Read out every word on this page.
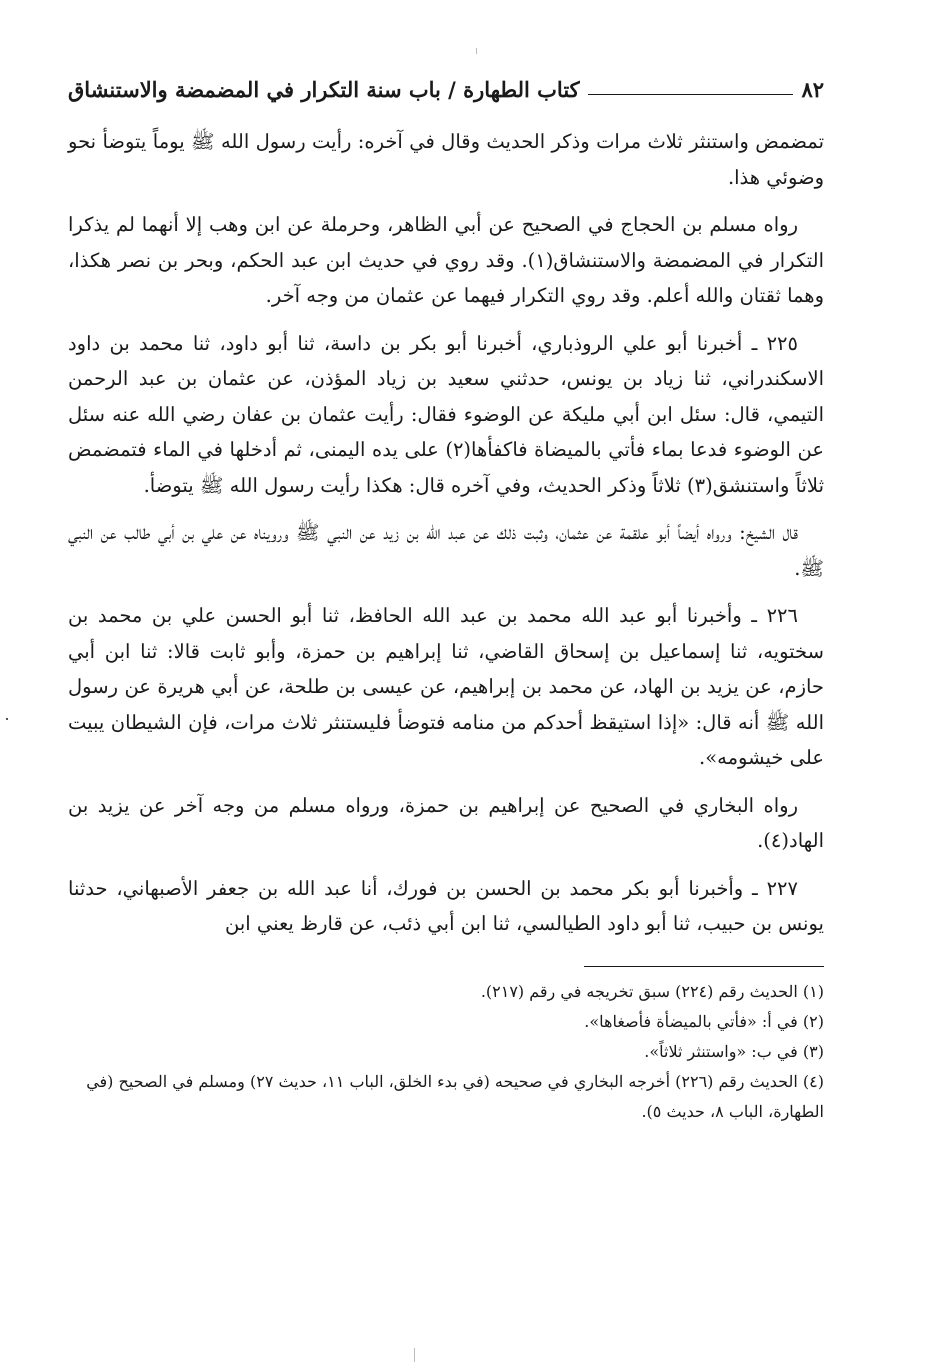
٨٢
كتاب الطهارة / باب سنة التكرار في المضمضة والاستنشاق

تمضمض واستنثر ثلاث مرات وذكر الحديث وقال في آخره: رأيت رسول الله ﷺ يوماً يتوضأ نحو وضوئي هذا.

رواه مسلم بن الحجاج في الصحيح عن أبي الظاهر، وحرملة عن ابن وهب إلا أنهما لم يذكرا التكرار في المضمضة والاستنشاق(١). وقد روي في حديث ابن عبد الحكم، وبحر بن نصر هكذا، وهما ثقتان والله أعلم. وقد روي التكرار فيهما عن عثمان من وجه آخر.

٢٢٥ ـ أخبرنا أبو علي الروذباري، أخبرنا أبو بكر بن داسة، ثنا أبو داود، ثنا محمد بن داود الاسكندراني، ثنا زياد بن يونس، حدثني سعيد بن زياد المؤذن، عن عثمان بن عبد الرحمن التيمي، قال: سئل ابن أبي مليكة عن الوضوء فقال: رأيت عثمان بن عفان رضي الله عنه سئل عن الوضوء فدعا بماء فأتي بالميضاة فاكفأها(٢) على يده اليمنى، ثم أدخلها في الماء فتمضمض ثلاثاً واستنشق(٣) ثلاثاً وذكر الحديث، وفي آخره قال: هكذا رأيت رسول الله ﷺ يتوضأ.

قال الشيخ: ورواه أيضاً أبو علقمة عن عثمان، وثبت ذلك عن عبد الله بن زيد عن النبي ﷺ ورويناه عن علي بن أبي طالب عن النبي ﷺ.

٢٢٦ ـ وأخبرنا أبو عبد الله محمد بن عبد الله الحافظ، ثنا أبو الحسن علي بن محمد بن سختويه، ثنا إسماعيل بن إسحاق القاضي، ثنا إبراهيم بن حمزة، وأبو ثابت قالا: ثنا ابن أبي حازم، عن يزيد بن الهاد، عن محمد بن إبراهيم، عن عيسى بن طلحة، عن أبي هريرة عن رسول الله ﷺ أنه قال: «إذا استيقظ أحدكم من منامه فتوضأ فليستنثر ثلاث مرات، فإن الشيطان يبيت على خيشومه».

رواه البخاري في الصحيح عن إبراهيم بن حمزة، ورواه مسلم من وجه آخر عن يزيد بن الهاد(٤).

٢٢٧ ـ وأخبرنا أبو بكر محمد بن الحسن بن فورك، أنا عبد الله بن جعفر الأصبهاني، حدثنا يونس بن حبيب، ثنا أبو داود الطيالسي، ثنا ابن أبي ذئب، عن قارظ يعني ابن

(١) الحديث رقم (٢٢٤) سبق تخريجه في رقم (٢١٧).
(٢) في أ: «فأتي بالميضأة فأصغاها».
(٣) في ب: «واستنثر ثلاثاً».
(٤) الحديث رقم (٢٢٦) أخرجه البخاري في صحيحه (في بدء الخلق، الباب ١١، حديث ٢٧) ومسلم في الصحيح (في الطهارة، الباب ٨، حديث ٥).
